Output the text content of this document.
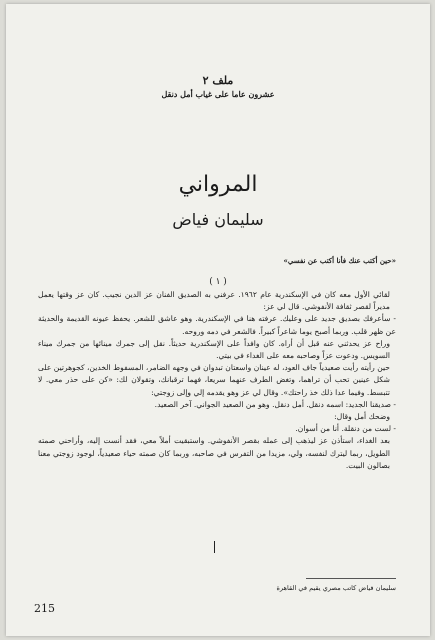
ملف ٢
عشرون عاما على غياب أمل دنقل
المرواني
سليمان فياض
«حين أكتب عنك فأنا أكتب عن نفسي»
( ١ )

لقائي الأول معه كان في الإسكندرية عام ١٩٦٢. عرفني به الصديق الفنان عز الدين نجيب. كان عز وقتها يعمل مديراً لقصر ثقافة الأنفوشي. قال لي عز:

- سأعرفك بصديق جديد على وعليك. عرفته هنا في الإسكندرية. وهو عاشق للشعر. يحفظ عيونه القديمة والحديثة عن ظهر قلب. وربما أصبح يوما شاعراً كبيراً. فالشعر في دمه وروحه.

وراح عز يحدثني عنه قبل أن أراه. كان وافداً على الإسكندرية حديثاً. نقل إلى جمرك مينائها من جمرك ميناء السويس. ودعوت عزاً وصاحبه معه على الغداء في بيتي.

حين رأيته رأيت صعيدياً جاف العود، له عينان واسعتان تبدوان في وجهه الضامر، المسفوط الخدين، كجوهرتين على شكل عينين تحب أن تراهما، وتغض الطرف عنهما سريعا، فهما ترقبانك، وتقولان لك: «كن على حذر معي. لا تتبسط. وفيما عدا ذلك خذ راحتك». وقال لي عز وهو يقدمه إلي وإلى زوجتي:

- صديقنا الجديد: اسمه دنقل. أمل دنقل. وهو من الصعيد الجواني. آخر الصعيد.

وضحك أمل وقال:

- لست من دنقلة. أنا من أسوان.

بعد الغداء، استأذن عز ليذهب إلى عمله بقصر الأنفوشي. واستبقيت أملاً معي، فقد أنست إليه، وأراحني صمته الطويل، ربما ليترك لنفسه، ولي، مزيدا من التفرس في صاحبه، وربما كان صمته حياء صعيدياً، لوجود زوجتي معنا بصالون البيت.

سليمان فياض كاتب مصري يقيم في القاهرة
215
